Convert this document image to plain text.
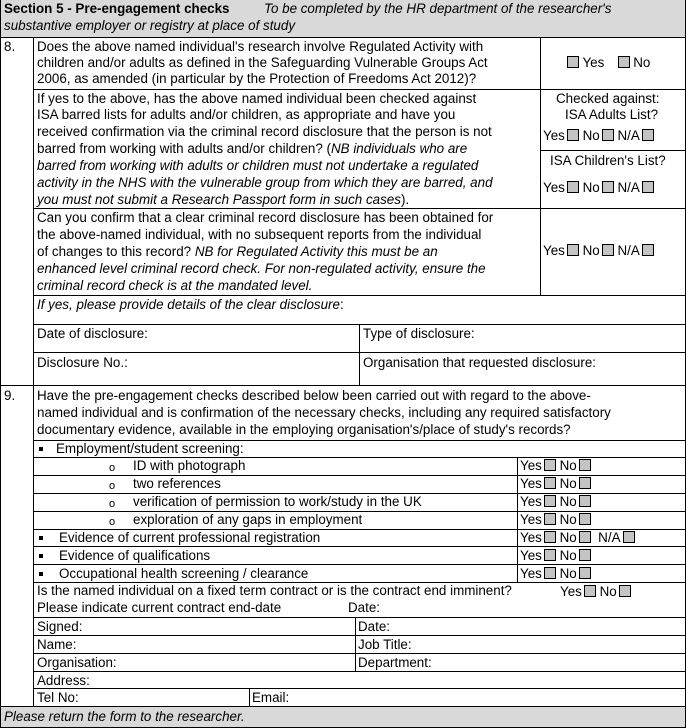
Section 5 - Pre-engagement checks	To be completed by the HR department of the researcher's
substantive employer or registry at place of study
8. Does the above named individual's research involve Regulated Activity with
children and/or adults as defined in the Safeguarding Vulnerable Groups Act
2006, as amended (in particular by the Protection of Freedoms Act 2012)?
Yes No
If yes to the above, has the above named individual been checked against
ISA barred lists for adults and/or children, as appropriate and have you
received confirmation via the criminal record disclosure that the person is not
barred from working with adults and/or children? (NB individuals who are
barred from working with adults or children must not undertake a regulated
activity in the NHS with the vulnerable group from which they are barred, and
you must not submit a Research Passport form in such cases).
Checked against:
ISA Adults List?
Yes No N/A
ISA Children's List?
Yes No N/A
Can you confirm that a clear criminal record disclosure has been obtained for
the above-named individual, with no subsequent reports from the individual
of changes to this record? NB for Regulated Activity this must be an
enhanced level criminal record check. For non-regulated activity, ensure the
criminal record check is at the mandated level.
Yes No N/A
If yes, please provide details of the clear disclosure:
Date of disclosure:	Type of disclosure:
Disclosure No.:	Organisation that requested disclosure:
9. Have the pre-engagement checks described below been carried out with regard to the above-
named individual and is confirmation of the necessary checks, including any required satisfactory
documentary evidence, available in the employing organisation's/place of study's records?
Employment/student screening:
o ID with photograph	Yes No
o two references	Yes No
o verification of permission to work/study in the UK	Yes No
o exploration of any gaps in employment	Yes No
Evidence of current professional registration	Yes No N/A
Evidence of qualifications	Yes No
Occupational health screening / clearance	Yes No
Is the named individual on a fixed term contract or is the contract end imminent?	Yes No
Please indicate current contract end-date	Date:
Signed:	Date:
Name:	Job Title:
Organisation:	Department:
Address:
Tel No:	Email:
Please return the form to the researcher.
